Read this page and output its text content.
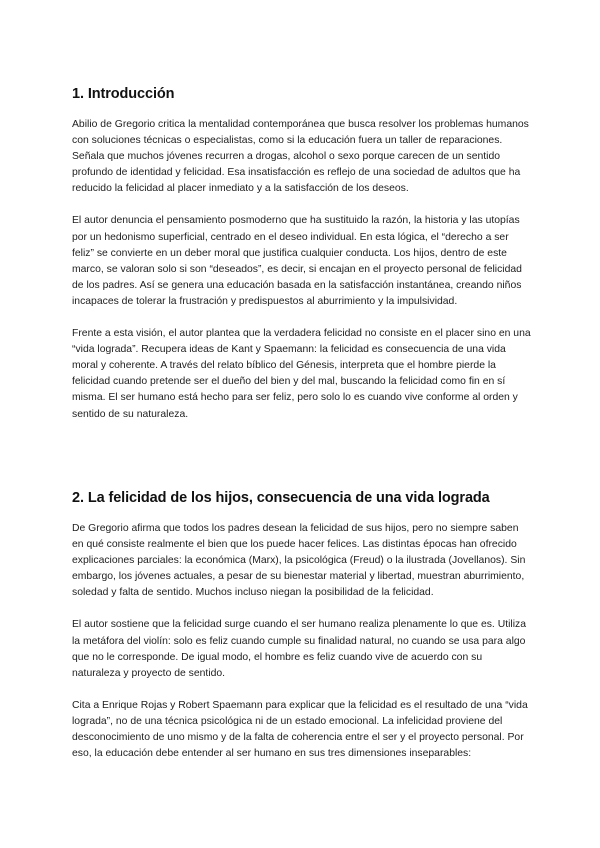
1. Introducción

Abilio de Gregorio critica la mentalidad contemporánea que busca resolver los problemas humanos con soluciones técnicas o especialistas, como si la educación fuera un taller de reparaciones. Señala que muchos jóvenes recurren a drogas, alcohol o sexo porque carecen de un sentido profundo de identidad y felicidad. Esa insatisfacción es reflejo de una sociedad de adultos que ha reducido la felicidad al placer inmediato y a la satisfacción de los deseos.

El autor denuncia el pensamiento posmoderno que ha sustituido la razón, la historia y las utopías por un hedonismo superficial, centrado en el deseo individual. En esta lógica, el “derecho a ser feliz” se convierte en un deber moral que justifica cualquier conducta. Los hijos, dentro de este marco, se valoran solo si son “deseados”, es decir, si encajan en el proyecto personal de felicidad de los padres. Así se genera una educación basada en la satisfacción instantánea, creando niños incapaces de tolerar la frustración y predispuestos al aburrimiento y la impulsividad.

Frente a esta visión, el autor plantea que la verdadera felicidad no consiste en el placer sino en una “vida lograda”. Recupera ideas de Kant y Spaemann: la felicidad es consecuencia de una vida moral y coherente. A través del relato bíblico del Génesis, interpreta que el hombre pierde la felicidad cuando pretende ser el dueño del bien y del mal, buscando la felicidad como fin en sí misma. El ser humano está hecho para ser feliz, pero solo lo es cuando vive conforme al orden y sentido de su naturaleza.

2. La felicidad de los hijos, consecuencia de una vida lograda

De Gregorio afirma que todos los padres desean la felicidad de sus hijos, pero no siempre saben en qué consiste realmente el bien que los puede hacer felices. Las distintas épocas han ofrecido explicaciones parciales: la económica (Marx), la psicológica (Freud) o la ilustrada (Jovellanos). Sin embargo, los jóvenes actuales, a pesar de su bienestar material y libertad, muestran aburrimiento, soledad y falta de sentido. Muchos incluso niegan la posibilidad de la felicidad.

El autor sostiene que la felicidad surge cuando el ser humano realiza plenamente lo que es. Utiliza la metáfora del violín: solo es feliz cuando cumple su finalidad natural, no cuando se usa para algo que no le corresponde. De igual modo, el hombre es feliz cuando vive de acuerdo con su naturaleza y proyecto de sentido.

Cita a Enrique Rojas y Robert Spaemann para explicar que la felicidad es el resultado de una “vida lograda”, no de una técnica psicológica ni de un estado emocional. La infelicidad proviene del desconocimiento de uno mismo y de la falta de coherencia entre el ser y el proyecto personal. Por eso, la educación debe entender al ser humano en sus tres dimensiones inseparables:
